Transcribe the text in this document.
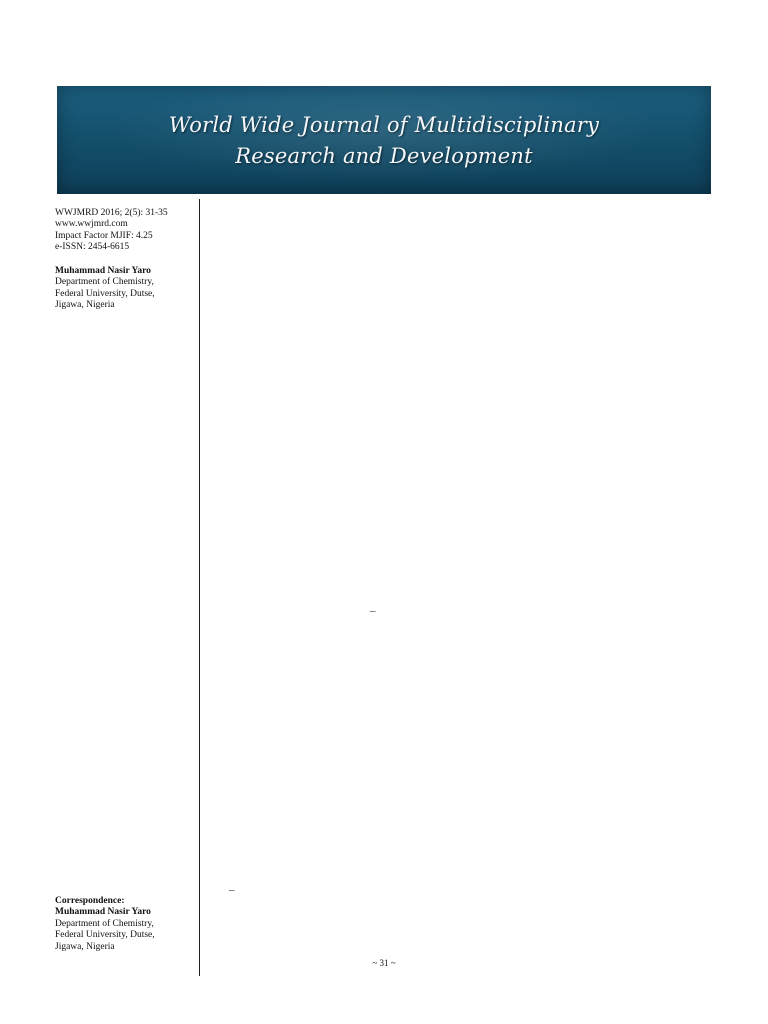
World Wide Journal of Multidisciplinary
Research and Development
WWJMRD 2016; 2(5): 31-35
www.wwjmrd.com
Impact Factor MJIF: 4.25
e-ISSN: 2454-6615
Muhammad Nasir Yaro
Department of Chemistry,
Federal University, Dutse,
Jigawa, Nigeria
–
–
Correspondence:
Muhammad Nasir Yaro
Department of Chemistry,
Federal University, Dutse,
Jigawa, Nigeria
~ 31 ~
